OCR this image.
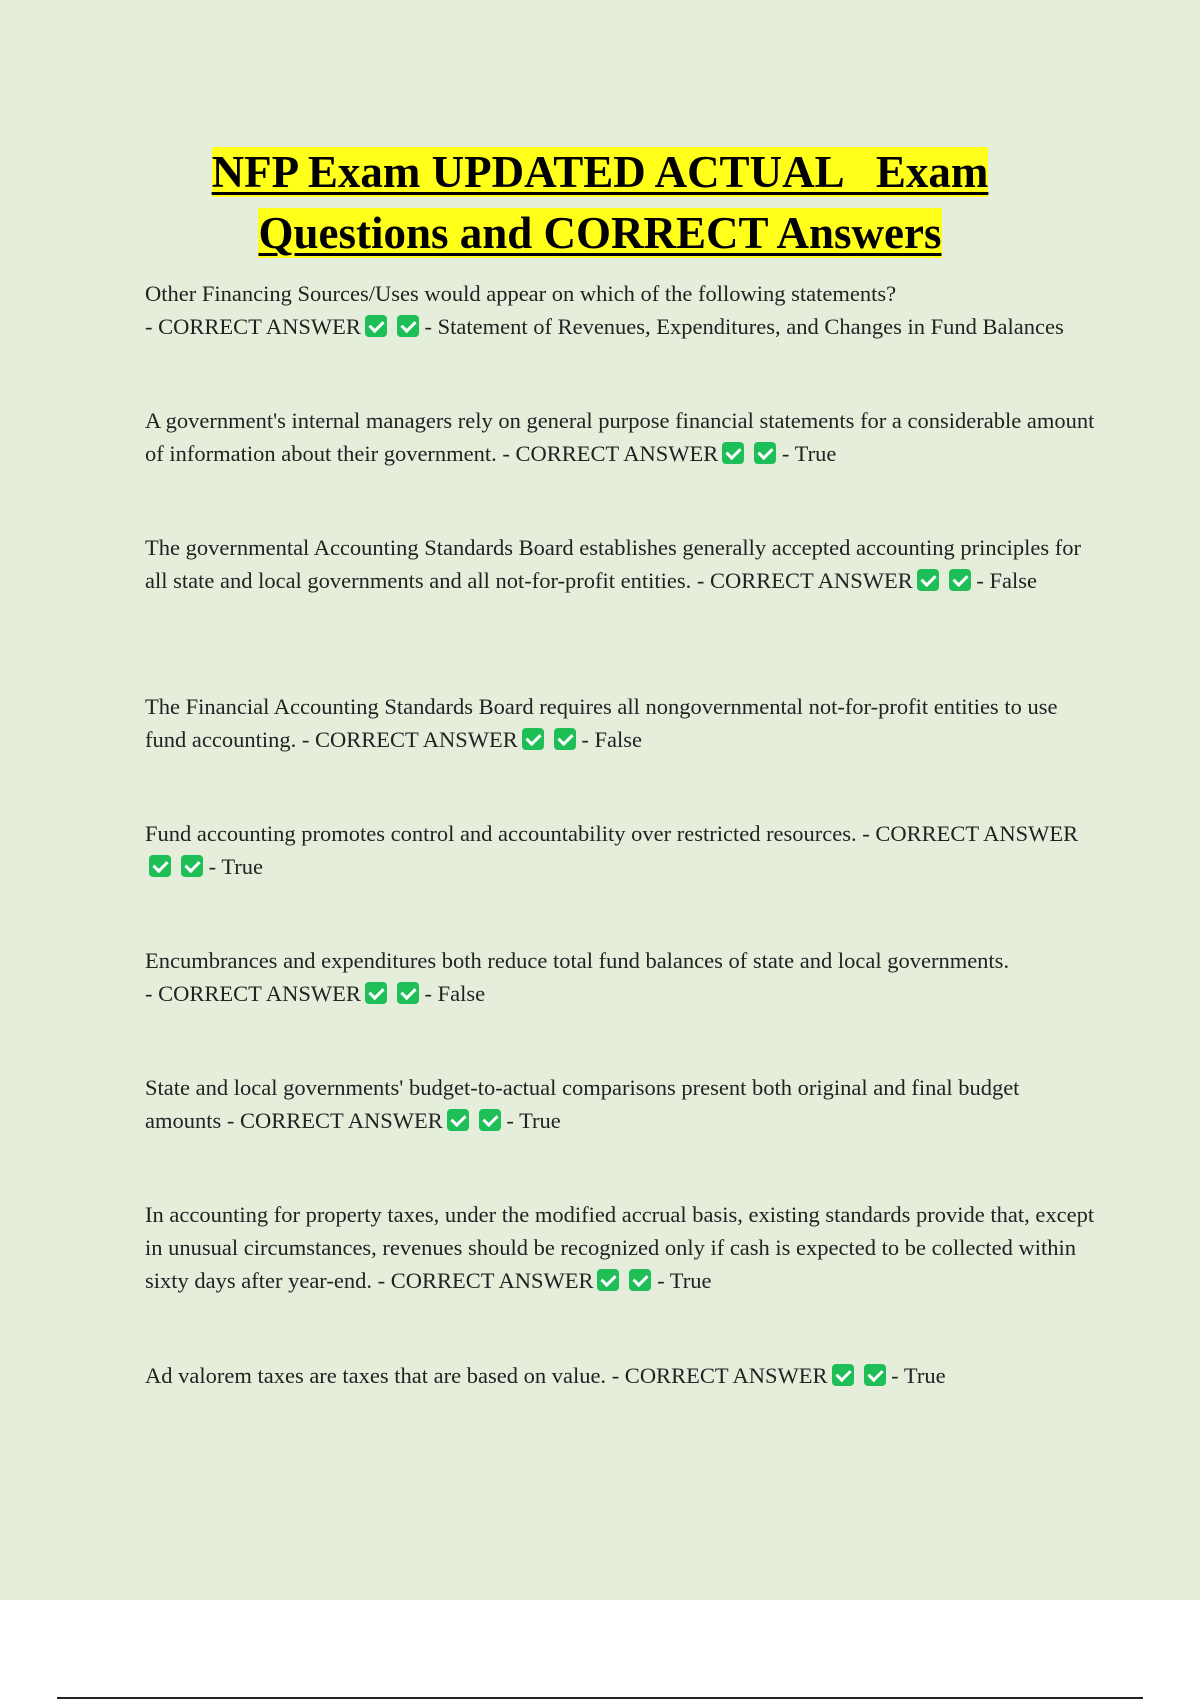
NFP Exam UPDATED ACTUAL   Exam
Questions and CORRECT Answers

Other Financing Sources/Uses would appear on which of the following statements? - CORRECT ANSWER	- Statement of Revenues, Expenditures, and Changes in Fund Balances

A government's internal managers rely on general purpose financial statements for a considerable amount of information about their government. - CORRECT ANSWER	- True

The governmental Accounting Standards Board establishes generally accepted accounting principles for all state and local governments and all not-for-profit entities. - CORRECT ANSWER	- False

The Financial Accounting Standards Board requires all nongovernmental not-for-profit entities to use fund accounting. - CORRECT ANSWER	- False

Fund accounting promotes control and accountability over restricted resources. - CORRECT ANSWER - True

Encumbrances and expenditures both reduce total fund balances of state and local governments. - CORRECT ANSWER	- False

State and local governments' budget-to-actual comparisons present both original and final budget amounts - CORRECT ANSWER	- True

In accounting for property taxes, under the modified accrual basis, existing standards provide that, except in unusual circumstances, revenues should be recognized only if cash is expected to be collected within sixty days after year-end. - CORRECT ANSWER	- True

Ad valorem taxes are taxes that are based on value. - CORRECT ANSWER	- True
